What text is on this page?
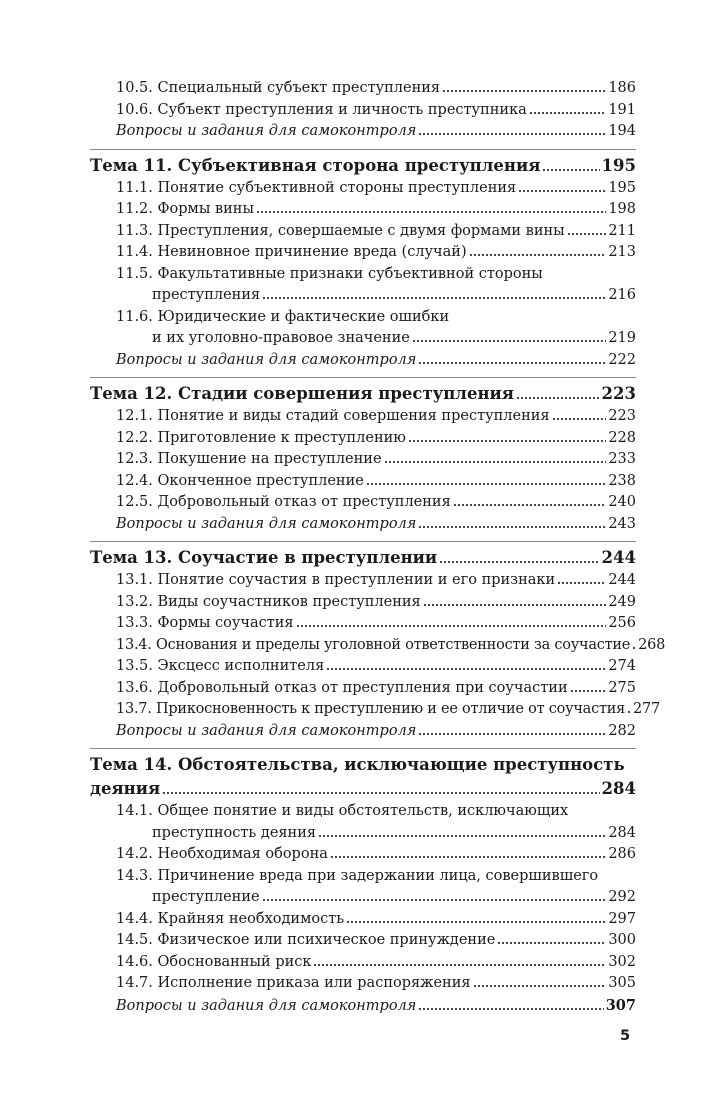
10.5. Специальный субъект преступления	186
10.6. Субъект преступления и личность преступника	191
Вопросы и задания для самоконтроля	194
Тема 11. Субъективная сторона преступления	195
11.1. Понятие субъективной стороны преступления	195
11.2. Формы вины	198
11.3. Преступления, совершаемые с двумя формами вины	211
11.4. Невиновное причинение вреда (случай)	213
11.5. Факультативные признаки субъективной стороны
преступления	216
11.6. Юридические и фактические ошибки
и их уголовно-правовое значение	219
Вопросы и задания для самоконтроля	222
Тема 12. Стадии совершения преступления	223
12.1. Понятие и виды стадий совершения преступления	223
12.2. Приготовление к преступлению	228
12.3. Покушение на преступление	233
12.4. Оконченное преступление	238
12.5. Добровольный отказ от преступления	240
Вопросы и задания для самоконтроля	243
Тема 13. Соучастие в преступлении	244
13.1. Понятие соучастия в преступлении и его признаки	244
13.2. Виды соучастников преступления	249
13.3. Формы соучастия	256
13.4. Основания и пределы уголовной ответственности за соучастие 268
13.5. Эксцесс исполнителя	274
13.6. Добровольный отказ от преступления при соучастии	275
13.7. Прикосновенность к преступлению и ее отличие от соучастия 277
Вопросы и задания для самоконтроля	282
Тема 14. Обстоятельства, исключающие преступность
деяния	284
14.1. Общее понятие и виды обстоятельств, исключающих
преступность деяния	284
14.2. Необходимая оборона	286
14.3. Причинение вреда при задержании лица, совершившего
преступление	292
14.4. Крайняя необходимость	297
14.5. Физическое или психическое принуждение	300
14.6. Обоснованный риск	302
14.7. Исполнение приказа или распоряжения	305
Вопросы и задания для самоконтроля	307
5
